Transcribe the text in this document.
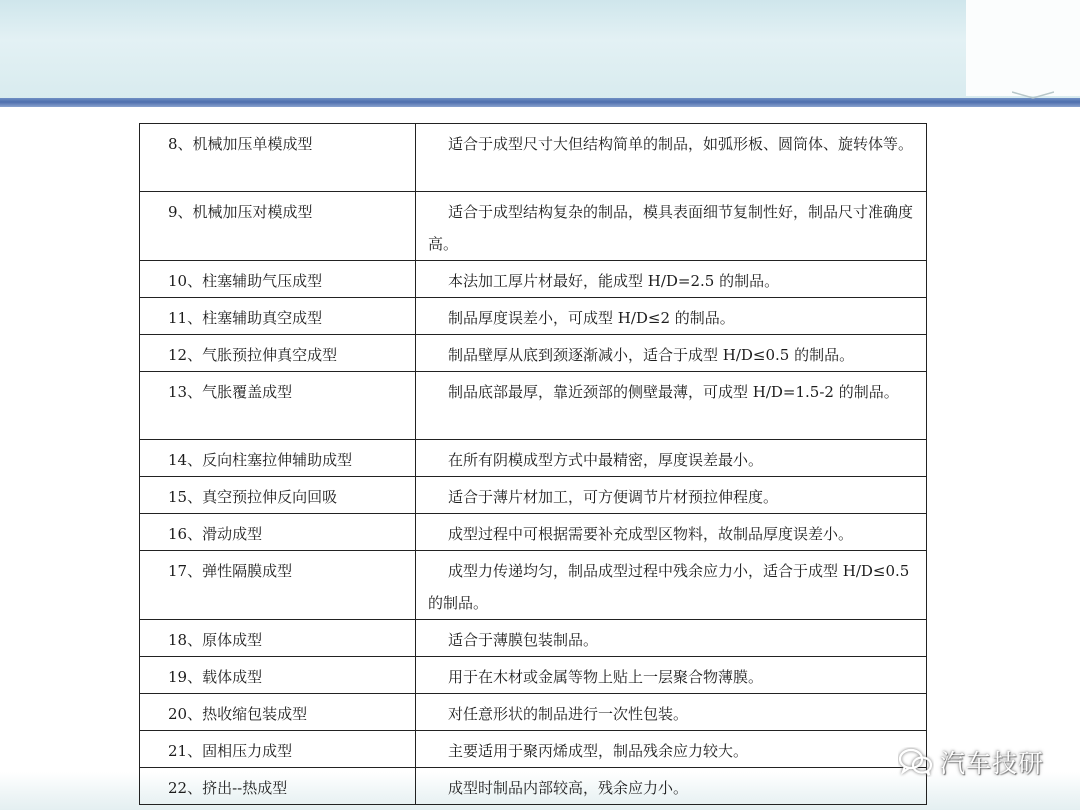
8、机械加压单模成型	适合于成型尺寸大但结构简单的制品，如弧形板、圆筒体、旋转体等。

9、机械加压对模成型	适合于成型结构复杂的制品，模具表面细节复制性好，制品尺寸准确度高。

10、柱塞辅助气压成型	本法加工厚片材最好，能成型 H/D=2.5 的制品。

11、柱塞辅助真空成型	制品厚度误差小，可成型 H/D≤2 的制品。

12、气胀预拉伸真空成型	制品壁厚从底到颈逐渐减小，适合于成型 H/D≤0.5 的制品。

13、气胀覆盖成型	制品底部最厚，靠近颈部的侧壁最薄，可成型 H/D=1.5-2 的制品。

14、反向柱塞拉伸辅助成型	在所有阴模成型方式中最精密，厚度误差最小。

15、真空预拉伸反向回吸	适合于薄片材加工，可方便调节片材预拉伸程度。

16、滑动成型	成型过程中可根据需要补充成型区物料，故制品厚度误差小。

17、弹性隔膜成型	成型力传递均匀，制品成型过程中残余应力小，适合于成型 H/D≤0.5 的制品。

18、原体成型	适合于薄膜包装制品。

19、载体成型	用于在木材或金属等物上贴上一层聚合物薄膜。

20、热收缩包装成型	对任意形状的制品进行一次性包装。

21、固相压力成型	主要适用于聚丙烯成型，制品残余应力较大。

22、挤出--热成型	成型时制品内部较高，残余应力小。
汽车技研
